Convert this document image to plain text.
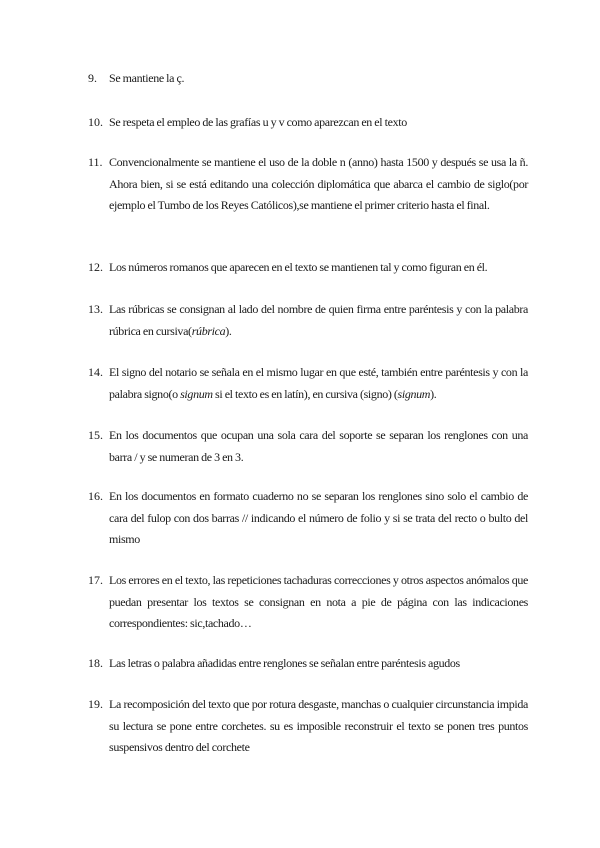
9.	Se mantiene la ç.
10. Se respeta el empleo de las grafías u y v como aparezcan en el texto
11. Convencionalmente se mantiene el uso de la doble n (anno) hasta 1500 y después se usa la ñ. Ahora bien, si se está editando una colección diplomática que abarca el cambio de siglo(por ejemplo el Tumbo de los Reyes Católicos),se mantiene el primer criterio hasta el final.
12. Los números romanos que aparecen en el texto se mantienen tal y como figuran en él.
13. Las rúbricas se consignan al lado del nombre de quien firma entre paréntesis y con la palabra rúbrica en cursiva(rúbrica).
14. El signo del notario se señala en el mismo lugar en que esté, también entre paréntesis y con la palabra signo(o signum si el texto es en latín), en cursiva (signo) (signum).
15. En los documentos que ocupan una sola cara del soporte se separan los renglones con una barra / y se numeran de 3 en 3.
16. En los documentos en formato cuaderno no se separan los renglones sino solo el cambio de cara del fulop con dos barras // indicando el número de folio y si se trata del recto o bulto del mismo
17. Los errores en el texto, las repeticiones tachaduras correcciones y otros aspectos anómalos que puedan presentar los textos se consignan en nota a pie de página con las indicaciones correspondientes: sic,tachado…
18. Las letras o palabra añadidas entre renglones se señalan entre paréntesis agudos
19. La recomposición del texto que por rotura desgaste, manchas o cualquier circunstancia impida su lectura se pone entre corchetes. su es imposible reconstruir el texto se ponen tres puntos suspensivos dentro del corchete
